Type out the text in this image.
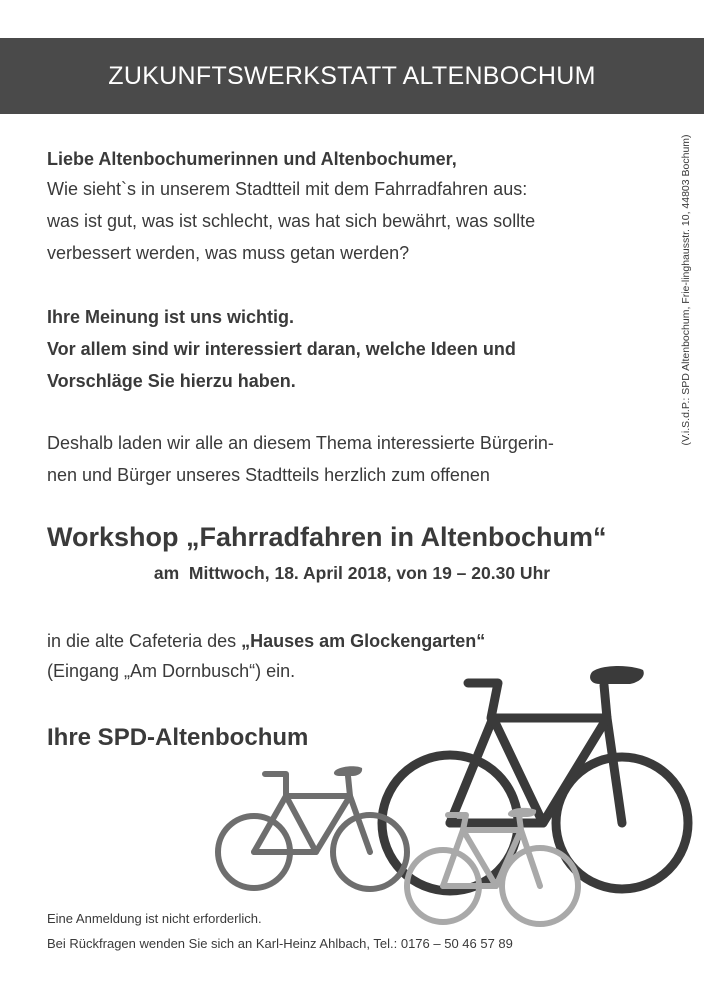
ZUKUNFTSWERKSTATT ALTENBOCHUM
(V.i.S.d.P.: SPD Altenbochum, Frie-linghausstr. 10, 44803 Bochum)

Liebe Altenbochumerinnen und Altenbochumer,

Wie sieht`s in unserem Stadtteil mit dem Fahrradfahren aus:

was ist gut, was ist schlecht, was hat sich bewährt, was sollte

verbessert werden, was muss getan werden?

Ihre Meinung ist uns wichtig.

Vor allem sind wir interessiert daran, welche Ideen und

Vorschläge Sie hierzu haben.

Deshalb laden wir alle an diesem Thema interessierte Bürgerin-

nen und Bürger unseres Stadtteils herzlich zum offenen

Workshop „Fahrradfahren in Altenbochum“

am  Mittwoch, 18. April 2018, von 19 – 20.30 Uhr

in die alte Cafeteria des „Hauses am Glockengarten“

(Eingang „Am Dornbusch“) ein.

Ihre SPD-Altenbochum

Eine Anmeldung ist nicht erforderlich.

Bei Rückfragen wenden Sie sich an Karl-Heinz Ahlbach, Tel.: 0176 – 50 46 57 89
